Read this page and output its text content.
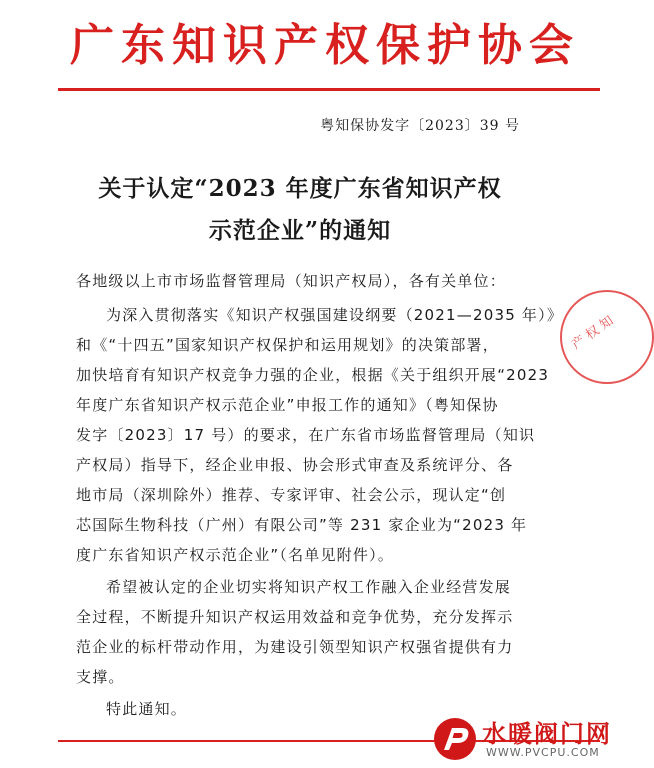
广东知识产权保护协会
粤知保协发字〔2023〕39 号
关于认定“2023 年度广东省知识产权
示范企业”的通知
各地级以上市市场监督管理局（知识产权局），各有关单位：
为深入贯彻落实《知识产权强国建设纲要（2021—2035 年）》
和《“十四五”国家知识产权保护和运用规划》的决策部署，
加快培育有知识产权竞争力强的企业，根据《关于组织开展“2023
年度广东省知识产权示范企业”申报工作的通知》（粤知保协
发字〔2023〕17 号）的要求，在广东省市场监督管理局（知识
产权局）指导下，经企业申报、协会形式审查及系统评分、各
地市局（深圳除外）推荐、专家评审、社会公示，现认定“创
芯国际生物科技（广州）有限公司”等 231 家企业为“2023 年
度广东省知识产权示范企业”（名单见附件）。
希望被认定的企业切实将知识产权工作融入企业经营发展
全过程，不断提升知识产权运用效益和竞争优势，充分发挥示
范企业的标杆带动作用，为建设引领型知识产权强省提供有力
支撑。
特此通知。
产 权 知
水暖阀门网
WWW.PVCPU.COM
